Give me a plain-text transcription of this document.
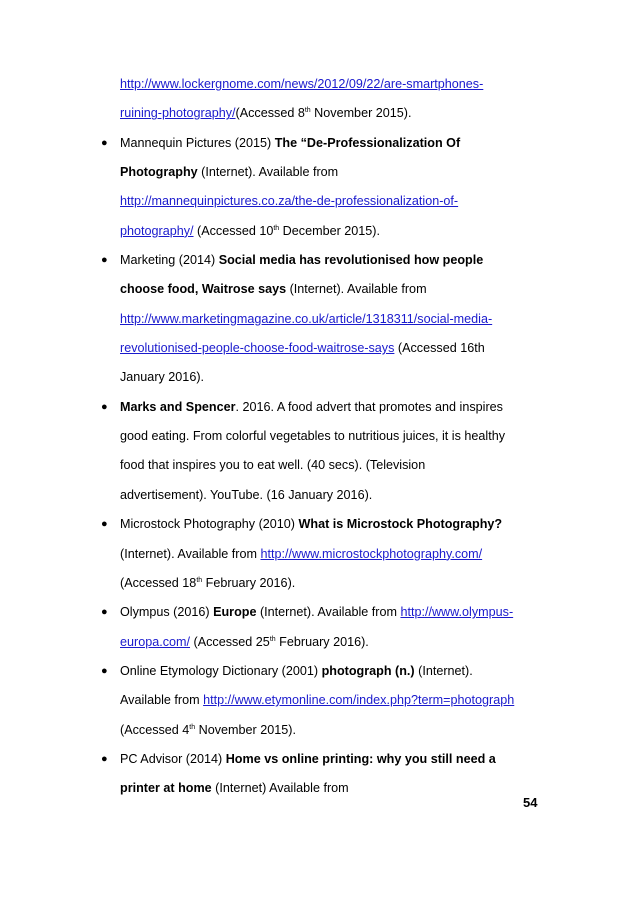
http://www.lockergnome.com/news/2012/09/22/are-smartphones-
ruining-photography/(Accessed 8th November 2015).
● Mannequin Pictures (2015) The “De-Professionalization Of
Photography (Internet). Available from
http://mannequinpictures.co.za/the-de-professionalization-of-
photography/ (Accessed 10th December 2015).
● Marketing (2014) Social media has revolutionised how people
choose food, Waitrose says (Internet). Available from
http://www.marketingmagazine.co.uk/article/1318311/social-media-
revolutionised-people-choose-food-waitrose-says (Accessed 16th
January 2016).
● Marks and Spencer. 2016. A food advert that promotes and inspires
good eating. From colorful vegetables to nutritious juices, it is healthy
food that inspires you to eat well. (40 secs). (Television
advertisement). YouTube. (16 January 2016).
● Microstock Photography (2010) What is Microstock Photography?
(Internet). Available from http://www.microstockphotography.com/
(Accessed 18th February 2016).
● Olympus (2016) Europe (Internet). Available from http://www.olympus-
europa.com/ (Accessed 25th February 2016).
● Online Etymology Dictionary (2001) photograph (n.) (Internet).
Available from http://www.etymonline.com/index.php?term=photograph
(Accessed 4th November 2015).
● PC Advisor (2014) Home vs online printing: why you still need a
printer at home (Internet) Available from
54
